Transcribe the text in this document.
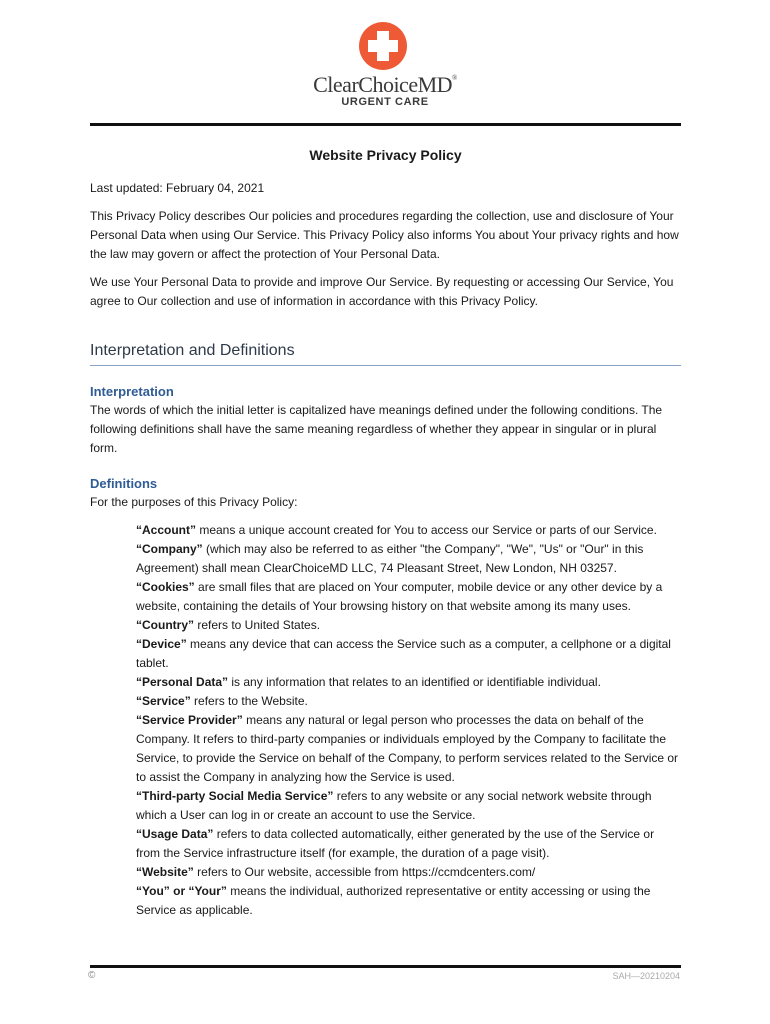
ClearChoiceMD®
URGENT CARE
Website Privacy Policy

Last updated: February 04, 2021

This Privacy Policy describes Our policies and procedures regarding the collection, use and disclosure of Your Personal Data when using Our Service. This Privacy Policy also informs You about Your privacy rights and how the law may govern or affect the protection of Your Personal Data.

We use Your Personal Data to provide and improve Our Service. By requesting or accessing Our Service, You agree to Our collection and use of information in accordance with this Privacy Policy.

Interpretation and Definitions
Interpretation

The words of which the initial letter is capitalized have meanings defined under the following conditions. The following definitions shall have the same meaning regardless of whether they appear in singular or in plural form.

Definitions

For the purposes of this Privacy Policy:

“Account” means a unique account created for You to access our Service or parts of our Service.

“Company” (which may also be referred to as either "the Company", "We", "Us" or "Our" in this Agreement) shall mean ClearChoiceMD LLC, 74 Pleasant Street, New London, NH 03257.

“Cookies” are small files that are placed on Your computer, mobile device or any other device by a website, containing the details of Your browsing history on that website among its many uses.

“Country” refers to United States.

“Device” means any device that can access the Service such as a computer, a cellphone or a digital tablet.

“Personal Data” is any information that relates to an identified or identifiable individual.

“Service” refers to the Website.

“Service Provider” means any natural or legal person who processes the data on behalf of the Company. It refers to third-party companies or individuals employed by the Company to facilitate the Service, to provide the Service on behalf of the Company, to perform services related to the Service or to assist the Company in analyzing how the Service is used.

“Third-party Social Media Service” refers to any website or any social network website through which a User can log in or create an account to use the Service.

“Usage Data” refers to data collected automatically, either generated by the use of the Service or from the Service infrastructure itself (for example, the duration of a page visit).

“Website” refers to Our website, accessible from https://ccmdcenters.com/

“You” or “Your” means the individual, authorized representative or entity accessing or using the Service as applicable.

©	SAH—20210204
